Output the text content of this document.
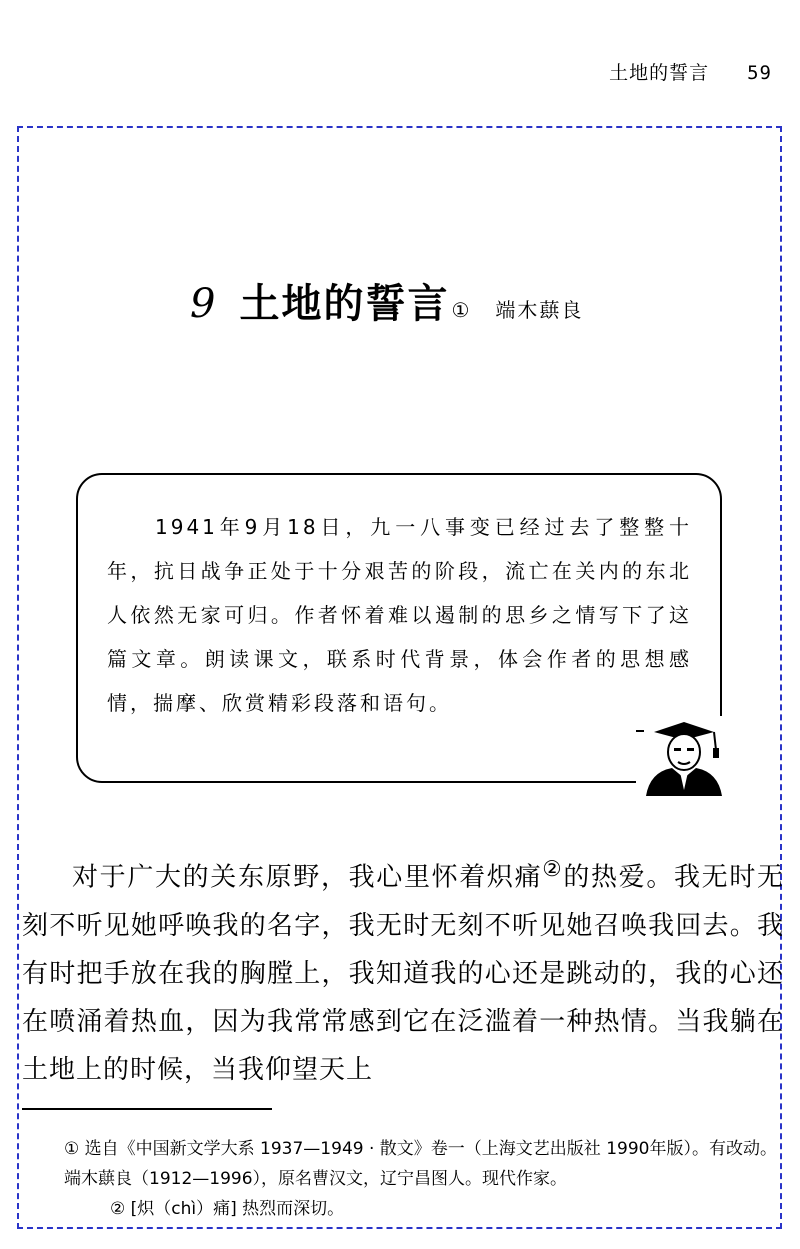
土地的誓言 59
9 土地的誓言 ① 端木蕻良
1941年9月18日，九一八事变已经过去了整整十年，抗日战争正处于十分艰苦的阶段，流亡在关内的东北人依然无家可归。作者怀着难以遏制的思乡之情写下了这篇文章。朗读课文，联系时代背景，体会作者的思想感情，揣摩、欣赏精彩段落和语句。
对于广大的关东原野，我心里怀着炽痛②的热爱。我无时无刻不听见她呼唤我的名字，我无时无刻不听见她召唤我回去。我有时把手放在我的胸膛上，我知道我的心还是跳动的，我的心还在喷涌着热血，因为我常常感到它在泛滥着一种热情。当我躺在土地上的时候，当我仰望天上
① 选自《中国新文学大系 1937—1949 · 散文》卷一（上海文艺出版社 1990年版）。有改动。端木蕻良（1912—1996），原名曹汉文，辽宁昌图人。现代作家。
② [炽（chì）痛] 热烈而深切。
